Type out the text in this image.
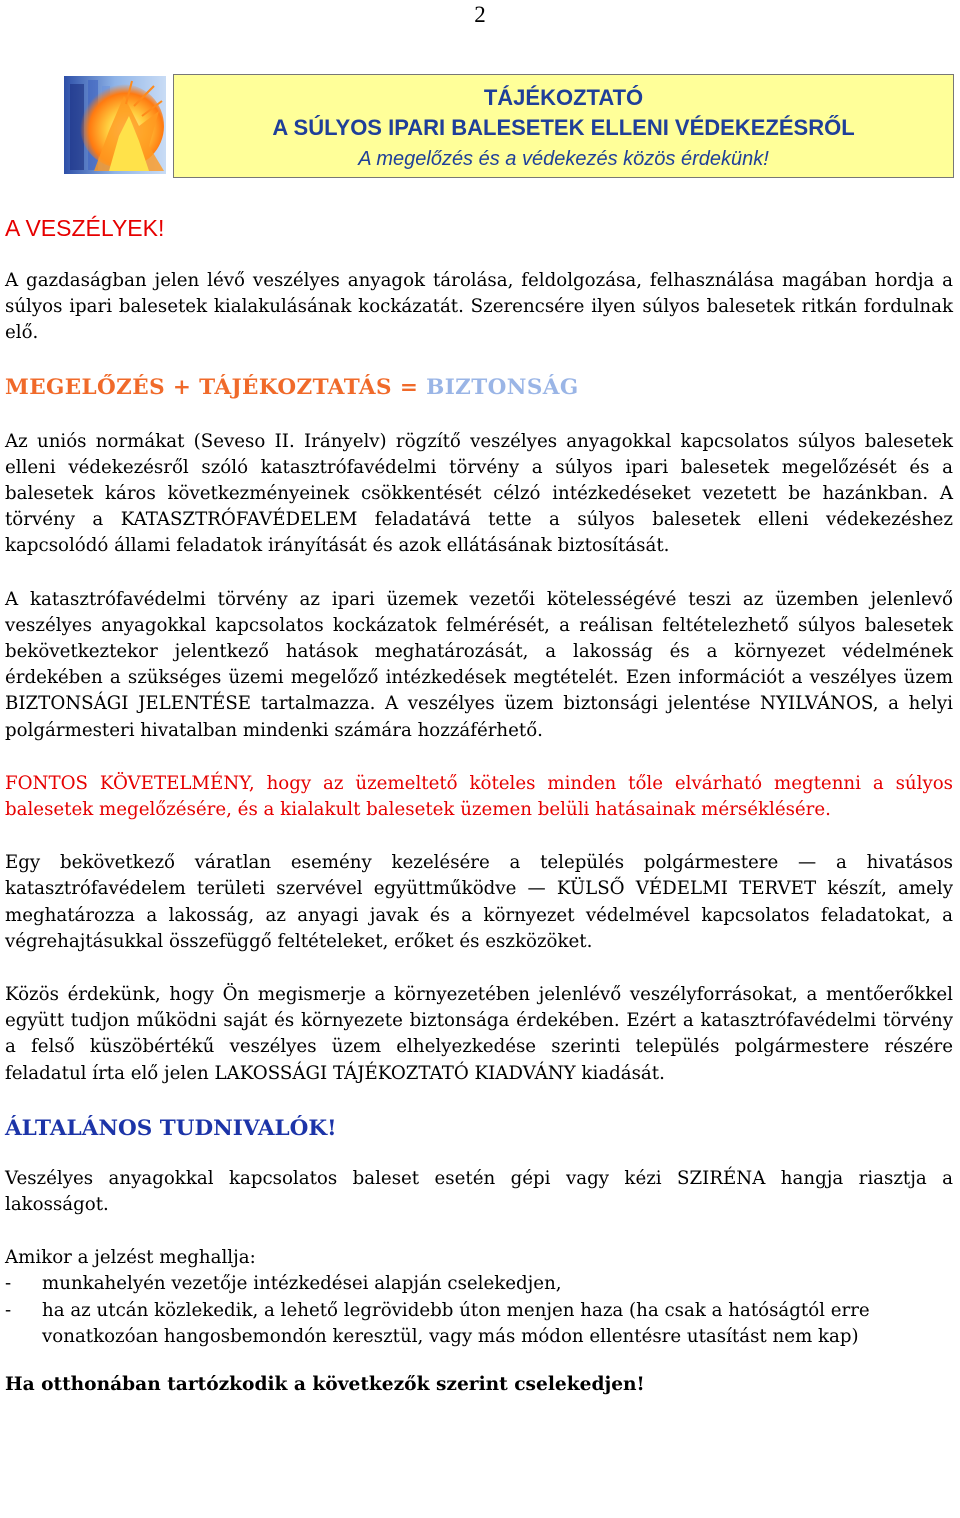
2
TÁJÉKOZTATÓ
A SÚLYOS IPARI BALESETEK ELLENI VÉDEKEZÉSRŐL
A megelőzés és a védekezés közös érdekünk!
A VESZÉLYEK!

A gazdaságban jelen lévő veszélyes anyagok tárolása, feldolgozása, felhasználása magában hordja a súlyos ipari balesetek kialakulásának kockázatát. Szerencsére ilyen súlyos balesetek ritkán fordulnak elő.

MEGELŐZÉS + TÁJÉKOZTATÁS = BIZTONSÁG

Az uniós normákat (Seveso II. Irányelv) rögzítő veszélyes anyagokkal kapcsolatos súlyos balesetek elleni védekezésről szóló katasztrófavédelmi törvény a súlyos ipari balesetek megelőzését és a balesetek káros következményeinek csökkentését célzó intézkedéseket vezetett be hazánkban. A törvény a KATASZTRÓFAVÉDELEM feladatává tette a súlyos balesetek elleni védekezéshez kapcsolódó állami feladatok irányítását és azok ellátásának biztosítását.

A katasztrófavédelmi törvény az ipari üzemek vezetői kötelességévé teszi az üzemben jelenlevő veszélyes anyagokkal kapcsolatos kockázatok felmérését, a reálisan feltételezhető súlyos balesetek bekövetkeztekor jelentkező hatások meghatározását, a lakosság és a környezet védelmének érdekében a szükséges üzemi megelőző intézkedések megtételét. Ezen információt a veszélyes üzem BIZTONSÁGI JELENTÉSE tartalmazza. A veszélyes üzem biztonsági jelentése NYILVÁNOS, a helyi polgármesteri hivatalban mindenki számára hozzáférhető.

FONTOS KÖVETELMÉNY, hogy az üzemeltető köteles minden tőle elvárható megtenni a súlyos balesetek megelőzésére, és a kialakult balesetek üzemen belüli hatásainak mérséklésére.

Egy bekövetkező váratlan esemény kezelésére a település polgármestere — a hivatásos katasztrófavédelem területi szervével együttműködve — KÜLSŐ VÉDELMI TERVET készít, amely meghatározza a lakosság, az anyagi javak és a környezet védelmével kapcsolatos feladatokat, a végrehajtásukkal összefüggő feltételeket, erőket és eszközöket.

Közös érdekünk, hogy Ön megismerje a környezetében jelenlévő veszélyforrásokat, a mentőerőkkel együtt tudjon működni saját és környezete biztonsága érdekében. Ezért a katasztrófavédelmi törvény a felső küszöbértékű veszélyes üzem elhelyezkedése szerinti település polgármestere részére feladatul írta elő jelen LAKOSSÁGI TÁJÉKOZTATÓ KIADVÁNY kiadását.

ÁLTALÁNOS TUDNIVALÓK!

Veszélyes anyagokkal kapcsolatos baleset esetén gépi vagy kézi SZIRÉNA hangja riasztja a lakosságot.

Amikor a jelzést meghallja:

-	munkahelyén vezetője intézkedései alapján cselekedjen,
-	ha az utcán közlekedik, a lehető legrövidebb úton menjen haza (ha csak a hatóságtól erre vonatkozóan hangosbemondón keresztül, vagy más módon ellentésre utasítást nem kap)
Ha otthonában tartózkodik a következők szerint cselekedjen!
